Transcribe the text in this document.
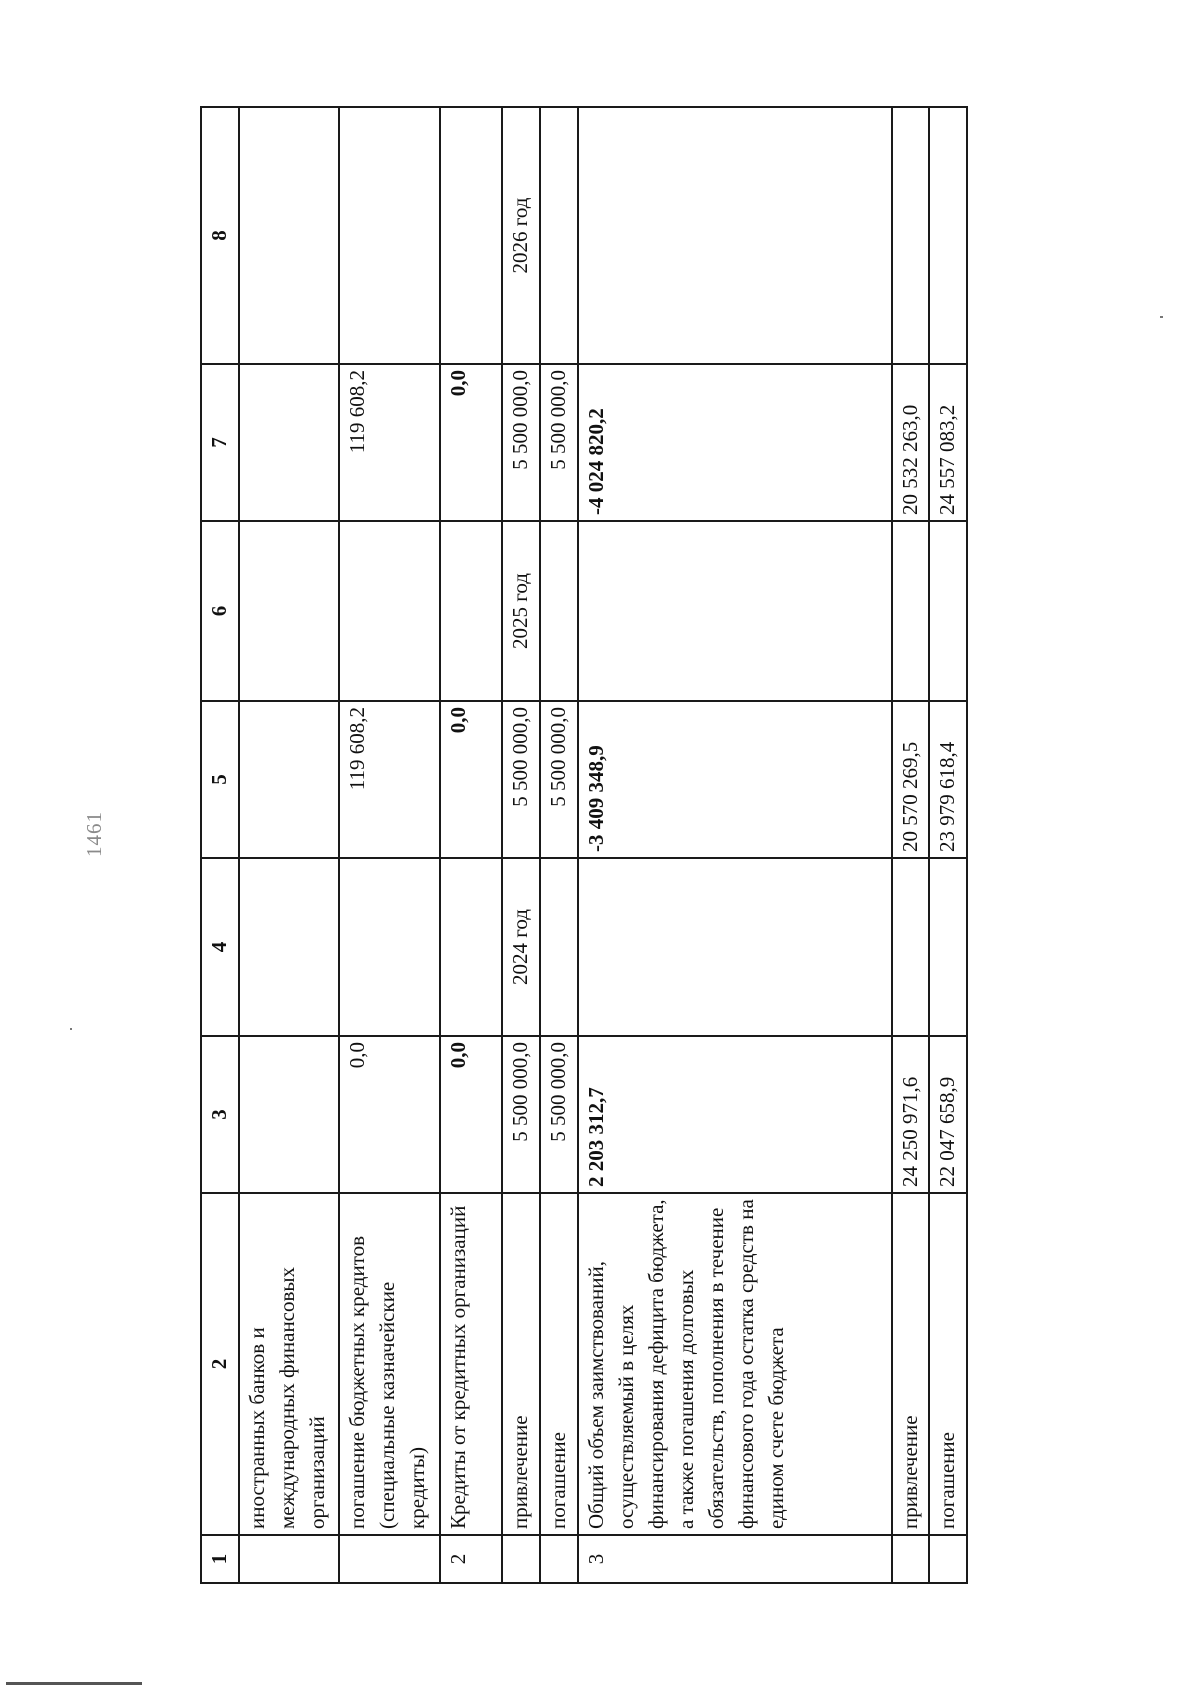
1461
1	2	3	4	5	6	7	8
	иностранных банков и международных финансовых организаций						
	погашение бюджетных кредитов (специальные казначейские кредиты)	0,0		119 608,2		119 608,2	
2	Кредиты от кредитных организаций	0,0		0,0		0,0	
	привлечение	5 500 000,0	2024 год	5 500 000,0	2025 год	5 500 000,0	2026 год
	погашение	5 500 000,0		5 500 000,0		5 500 000,0	
3	Общий объем заимствований, осуществляемый в целях финансирования дефицита бюджета, а также погашения долговых обязательств, пополнения в течение финансового года остатка средств на едином счете бюджета	2 203 312,7		-3 409 348,9		-4 024 820,2	
	привлечение	24 250 971,6		20 570 269,5		20 532 263,0	
	погашение	22 047 658,9		23 979 618,4		24 557 083,2	
